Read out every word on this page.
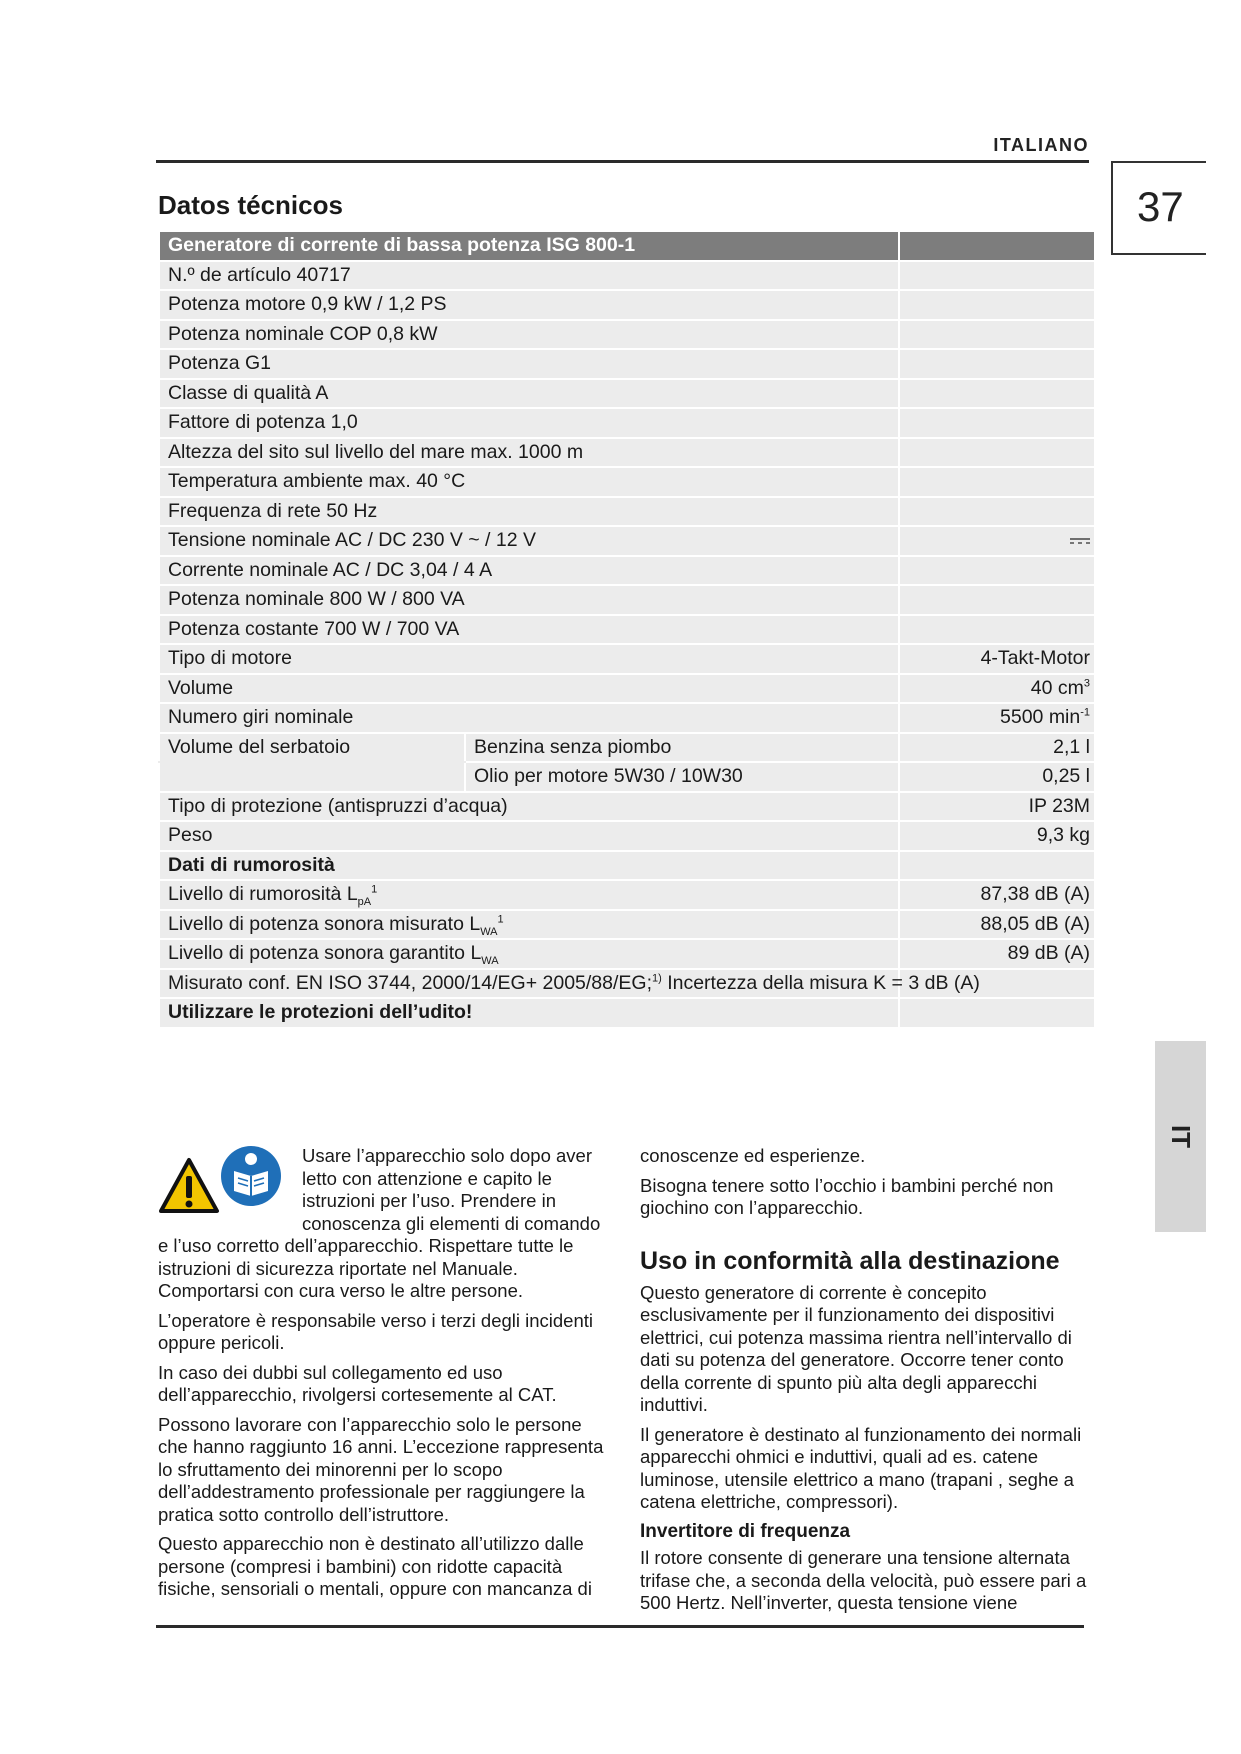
ITALIANO
37
IT
Datos técnicos
Generatore di corrente di bassa potenza ISG 800-1		
N.º de artículo 40717		
Potenza motore 0,9 kW / 1,2 PS		
Potenza nominale COP 0,8 kW		
Potenza G1		
Classe di qualità A		
Fattore di potenza 1,0		
Altezza del sito sul livello del mare max. 1000 m		
Temperatura ambiente max. 40 °C		
Frequenza di rete 50 Hz		
Tensione nominale AC / DC 230 V ~ / 12 V	
Corrente nominale AC / DC 3,04 / 4 A		
Potenza nominale 800 W / 800 VA		
Potenza costante 700 W / 700 VA		
Tipo di motore		4-Takt-Motor
Volume		40 $cm^3$
Numero giri nominale		5500 $\min^{-1}$
Volume del serbatoio	Benzina senza piombo	2,1 l
	Olio per motore 5W30 / 10W30	0,25 l
Tipo di protezione (antispruzzi d’acqua)		IP 23M
Peso		9,3 kg
Dati di rumorosità		
Livello di rumorosità $L_{pA}^1$		87,38 dB (A)
Livello di potenza sonora misurato $L_{WA}^1$		88,05 dB (A)
Livello di potenza sonora garantito $L_{WA}$		89 dB (A)
Misurato conf. EN ISO 3744, 2000/14/EG+ 2005/88/EG;$^{1)}$ Incertezza della misura K = 3 dB (A)		
Utilizzare le protezioni dell’udito!		

Usare l’apparecchio solo dopo aver letto con attenzione e capito le istruzioni per l’uso. Prendere in conoscenza gli elementi di comando e l’uso corretto dell’apparecchio. Rispettare tutte le istruzioni di sicurezza riportate nel Manuale. Comportarsi con cura verso le altre persone.

L’operatore è responsabile verso i terzi degli incidenti oppure pericoli.

In caso dei dubbi sul collegamento ed uso dell’apparecchio, rivolgersi cortesemente al CAT.

Possono lavorare con l’apparecchio solo le persone che hanno raggiunto 16 anni. L’eccezione rappresenta lo sfruttamento dei minorenni per lo scopo dell’addestramento professionale per raggiungere la pratica sotto controllo dell’istruttore.

Questo apparecchio non è destinato all’utilizzo dalle persone (compresi i bambini) con ridotte capacità fisiche, sensoriali o mentali, oppure con mancanza di

conoscenze ed esperienze.

Bisogna tenere sotto l’occhio i bambini perché non giochino con l’apparecchio.

Uso in conformità alla destinazione

Questo generatore di corrente è concepito esclusivamente per il funzionamento dei dispositivi elettrici, cui potenza massima rientra nell’intervallo di dati su potenza del generatore. Occorre tener conto della corrente di spunto più alta degli apparecchi induttivi.

Il generatore è destinato al funzionamento dei normali apparecchi ohmici e induttivi, quali ad es. catene luminose, utensile elettrico a mano (trapani , seghe a catena elettriche, compressori).

Invertitore di frequenza

Il rotore consente di generare una tensione alternata trifase che, a seconda della velocità, può essere pari a 500 Hertz. Nell’inverter, questa tensione viene
